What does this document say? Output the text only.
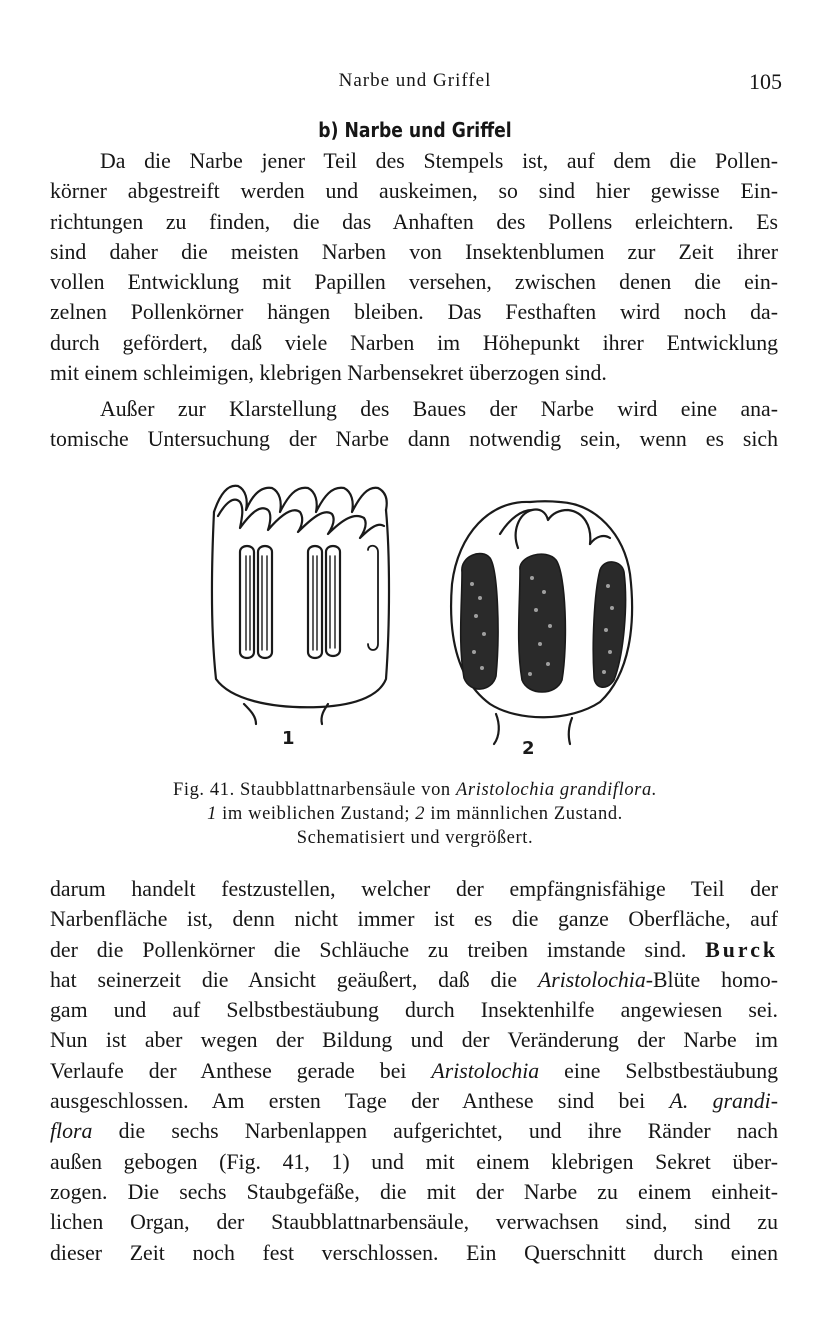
Narbe und Griffel	105
b) Narbe und Griffel
Da die Narbe jener Teil des Stempels ist, auf dem die Pollen-
körner abgestreift werden und auskeimen, so sind hier gewisse Ein-
richtungen zu finden, die das Anhaften des Pollens erleichtern. Es
sind daher die meisten Narben von Insektenblumen zur Zeit ihrer
vollen Entwicklung mit Papillen versehen, zwischen denen die ein-
zelnen Pollenkörner hängen bleiben. Das Festhaften wird noch da-
durch gefördert, daß viele Narben im Höhepunkt ihrer Entwicklung
mit einem schleimigen, klebrigen Narbensekret überzogen sind.
Außer zur Klarstellung des Baues der Narbe wird eine ana-
tomische Untersuchung der Narbe dann notwendig sein, wenn es sich
1	2
Fig. 41. Staubblattnarbensäule von Aristolochia grandiflora.
1 im weiblichen Zustand; 2 im männlichen Zustand.
Schematisiert und vergrößert.
darum handelt festzustellen, welcher der empfängnisfähige Teil der
Narbenfläche ist, denn nicht immer ist es die ganze Oberfläche, auf
der die Pollenkörner die Schläuche zu treiben imstande sind. Burck
hat seinerzeit die Ansicht geäußert, daß die Aristolochia-Blüte homo-
gam und auf Selbstbestäubung durch Insektenhilfe angewiesen sei.
Nun ist aber wegen der Bildung und der Veränderung der Narbe im
Verlaufe der Anthese gerade bei Aristolochia eine Selbstbestäubung
ausgeschlossen. Am ersten Tage der Anthese sind bei A. grandi-
flora die sechs Narbenlappen aufgerichtet, und ihre Ränder nach
außen gebogen (Fig. 41, 1) und mit einem klebrigen Sekret über-
zogen. Die sechs Staubgefäße, die mit der Narbe zu einem einheit-
lichen Organ, der Staubblattnarbensäule, verwachsen sind, sind zu
dieser Zeit noch fest verschlossen. Ein Querschnitt durch einen
